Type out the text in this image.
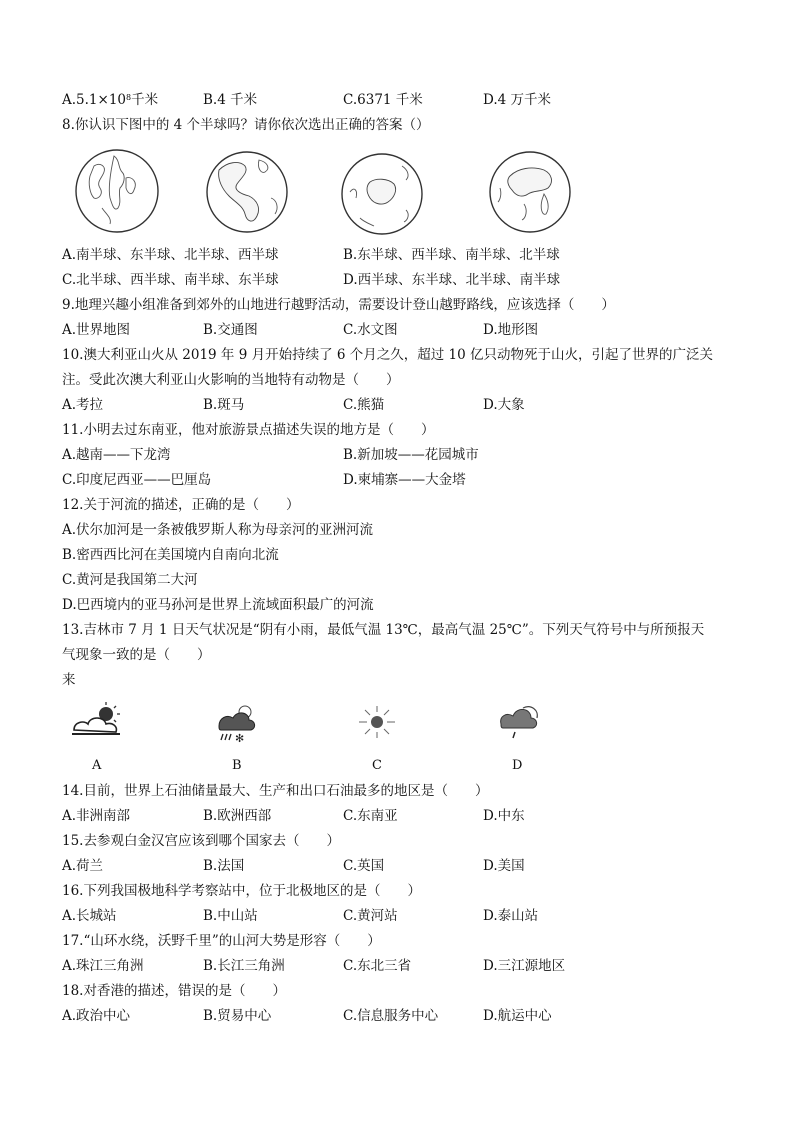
$A.5.1\times 10^8$千米	B.4 千米	C.6371 千米	D.4 万千米
8.你认识下图中的 4 个半球吗？请你依次选出正确的答案（）
A.南半球、东半球、北半球、西半球	B.东半球、西半球、南半球、北半球
C.北半球、西半球、南半球、东半球	D.西半球、东半球、北半球、南半球
9.地理兴趣小组准备到郊外的山地进行越野活动，需要设计登山越野路线，应该选择（　　）
A.世界地图	B.交通图	C.水文图	D.地形图
10.澳大利亚山火从 2019 年 9 月开始持续了 6 个月之久，超过 10 亿只动物死于山火，引起了世界的广泛关
注。受此次澳大利亚山火影响的当地特有动物是（　　）
A.考拉	B.斑马	C.熊猫	D.大象
11.小明去过东南亚，他对旅游景点描述失误的地方是（　　）
A.越南——下龙湾	B.新加坡——花园城市
C.印度尼西亚——巴厘岛	D.柬埔寨——大金塔
12.关于河流的描述，正确的是（　　）
A.伏尔加河是一条被俄罗斯人称为母亲河的亚洲河流
B.密西西比河在美国境内自南向北流
C.黄河是我国第二大河
D.巴西境内的亚马孙河是世界上流域面积最广的河流
13.吉林市 7 月 1 日天气状况是“阴有小雨，最低气温 13℃，最高气温 25℃”。下列天气符号中与所预报天
气现象一致的是（　　）
来
✻
A	B	C	D
14.目前，世界上石油储量最大、生产和出口石油最多的地区是（　　）
A.非洲南部	B.欧洲西部	C.东南亚	D.中东
15.去参观白金汉宫应该到哪个国家去（　　）
A.荷兰	B.法国	C.英国	D.美国
16.下列我国极地科学考察站中，位于北极地区的是（　　）
A.长城站	B.中山站	C.黄河站	D.泰山站
17.“山环水绕，沃野千里”的山河大势是形容（　　）
A.珠江三角洲	B.长江三角洲	C.东北三省	D.三江源地区
18.对香港的描述，错误的是（　　）
A.政治中心	B.贸易中心	C.信息服务中心	D.航运中心
